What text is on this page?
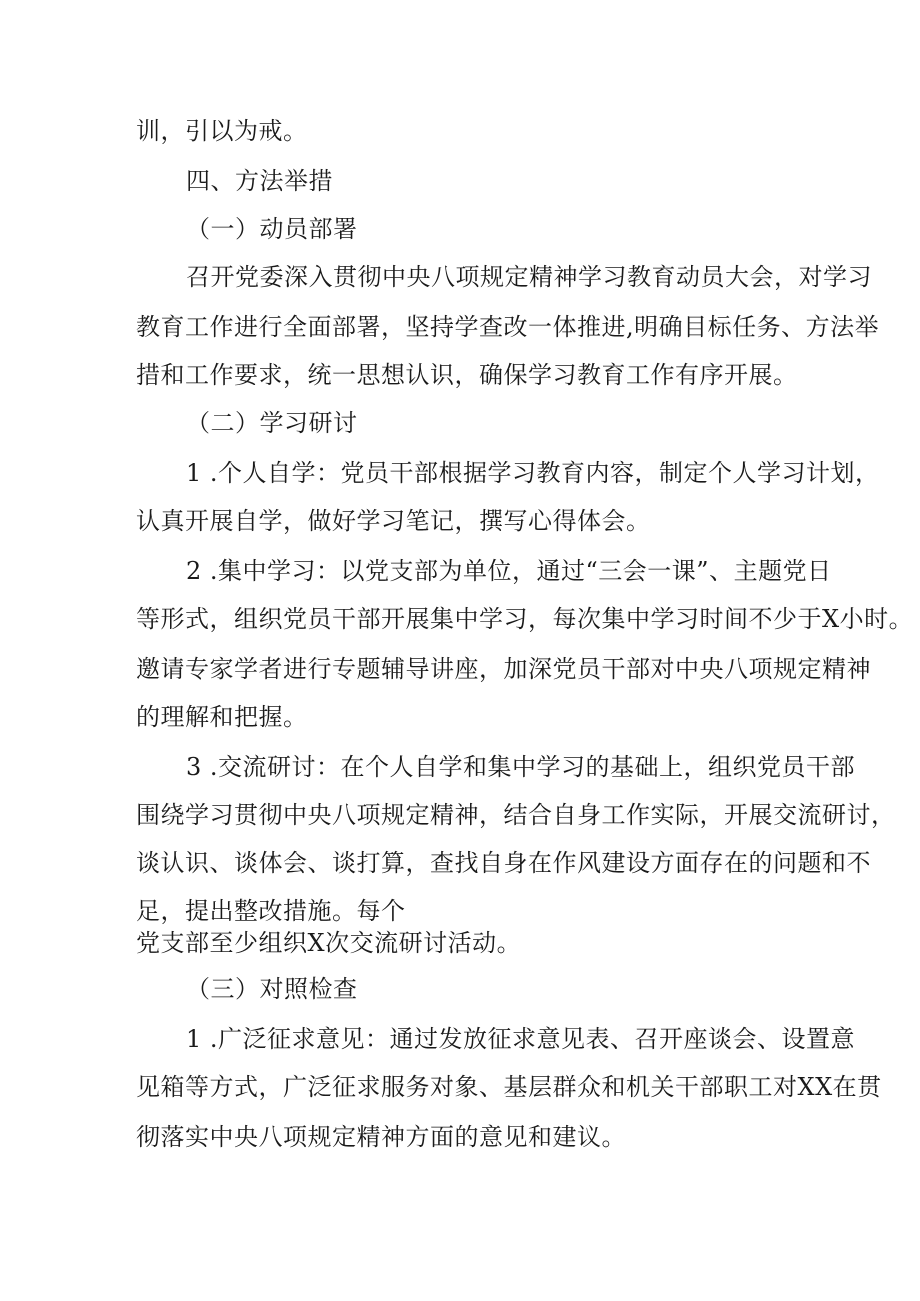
训，引以为戒。
四、方法举措
（一）动员部署
召开党委深入贯彻中央八项规定精神学习教育动员大会，对学习
教育工作进行全面部署，坚持学查改一体推进,明确目标任务、方法举
措和工作要求，统一思想认识，确保学习教育工作有序开展。
（二）学习研讨
1 .个人自学：党员干部根据学习教育内容，制定个人学习计划，
认真开展自学，做好学习笔记，撰写心得体会。
2 .集中学习：以党支部为单位，通过“三会一课”、主题党日
等形式，组织党员干部开展集中学习，每次集中学习时间不少于X小时。
邀请专家学者进行专题辅导讲座，加深党员干部对中央八项规定精神
的理解和把握。
3 .交流研讨：在个人自学和集中学习的基础上，组织党员干部
围绕学习贯彻中央八项规定精神，结合自身工作实际，开展交流研讨，
谈认识、谈体会、谈打算，查找自身在作风建设方面存在的问题和不
足，提出整改措施。每个
党支部至少组织X次交流研讨活动。
（三）对照检查
1 .广泛征求意见：通过发放征求意见表、召开座谈会、设置意
见箱等方式，广泛征求服务对象、基层群众和机关干部职工对XX在贯
彻落实中央八项规定精神方面的意见和建议。
